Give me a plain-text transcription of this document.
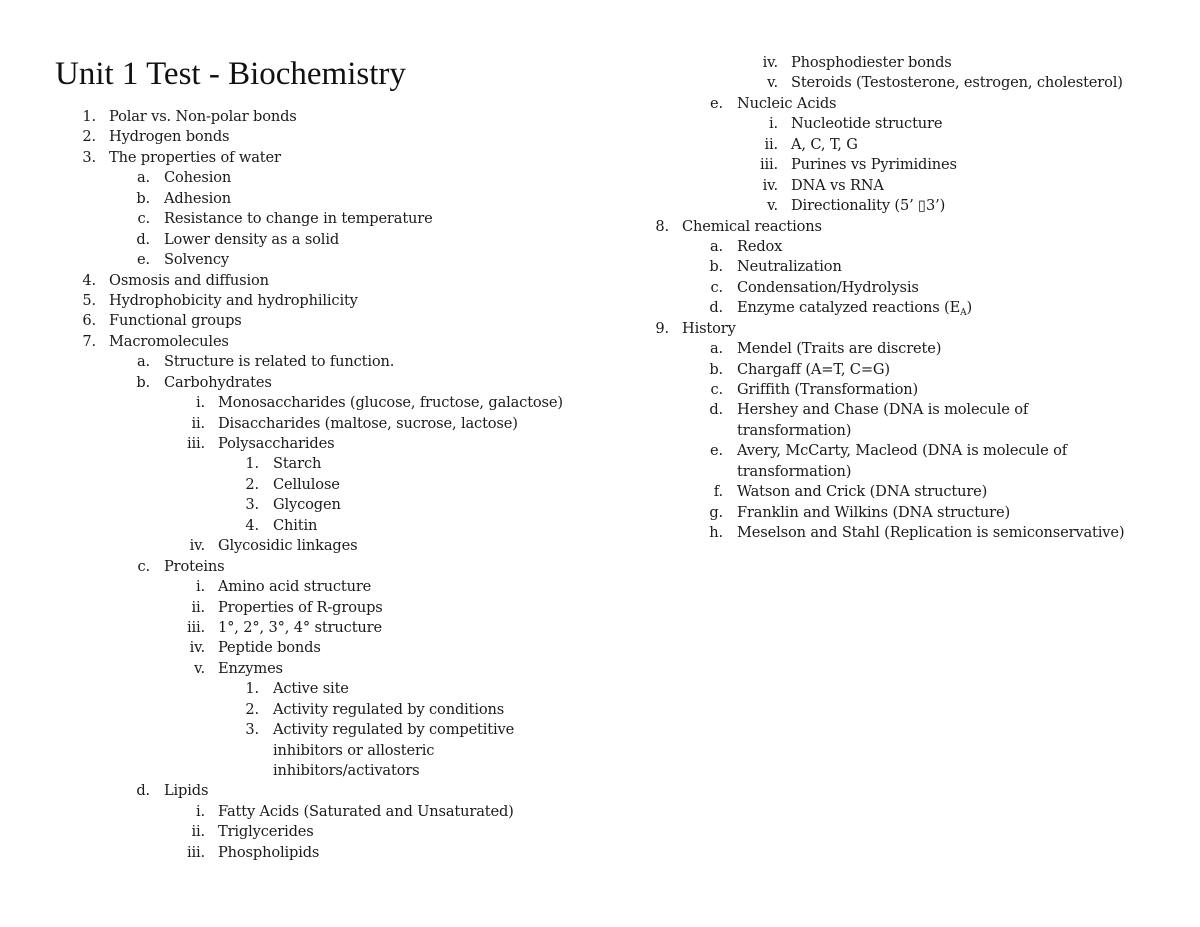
Unit 1 Test - Biochemistry
1. Polar vs. Non-polar bonds
2. Hydrogen bonds
3. The properties of water
a. Cohesion
b. Adhesion
c. Resistance to change in temperature
d. Lower density as a solid
e. Solvency
4. Osmosis and diffusion
5. Hydrophobicity and hydrophilicity
6. Functional groups
7. Macromolecules
a. Structure is related to function.
b. Carbohydrates
i. Monosaccharides (glucose, fructose, galactose)
ii. Disaccharides (maltose, sucrose, lactose)
iii. Polysaccharides
1. Starch
2. Cellulose
3. Glycogen
4. Chitin
iv. Glycosidic linkages
c. Proteins
i. Amino acid structure
ii. Properties of R-groups
iii. 1°, 2°, 3°, 4° structure
iv. Peptide bonds
v. Enzymes
1. Active site
2. Activity regulated by conditions
3. Activity regulated by competitive
inhibitors or allosteric
inhibitors/activators
d. Lipids
i. Fatty Acids (Saturated and Unsaturated)
ii. Triglycerides
iii. Phospholipids
iv. Phosphodiester bonds
v. Steroids (Testosterone, estrogen, cholesterol)
e. Nucleic Acids
i. Nucleotide structure
ii. A, C, T, G
iii. Purines vs Pyrimidines
iv. DNA vs RNA
v. Directionality (5’ ▯3’)
8. Chemical reactions
a. Redox
b. Neutralization
c. Condensation/Hydrolysis
d. Enzyme catalyzed reactions $(E_A)$
9. History
a. Mendel (Traits are discrete)
b. Chargaff (A=T, C=G)
c. Griffith (Transformation)
d. Hershey and Chase (DNA is molecule of
transformation)
e. Avery, McCarty, Macleod (DNA is molecule of
transformation)
f. Watson and Crick (DNA structure)
g. Franklin and Wilkins (DNA structure)
h. Meselson and Stahl (Replication is semiconservative)
